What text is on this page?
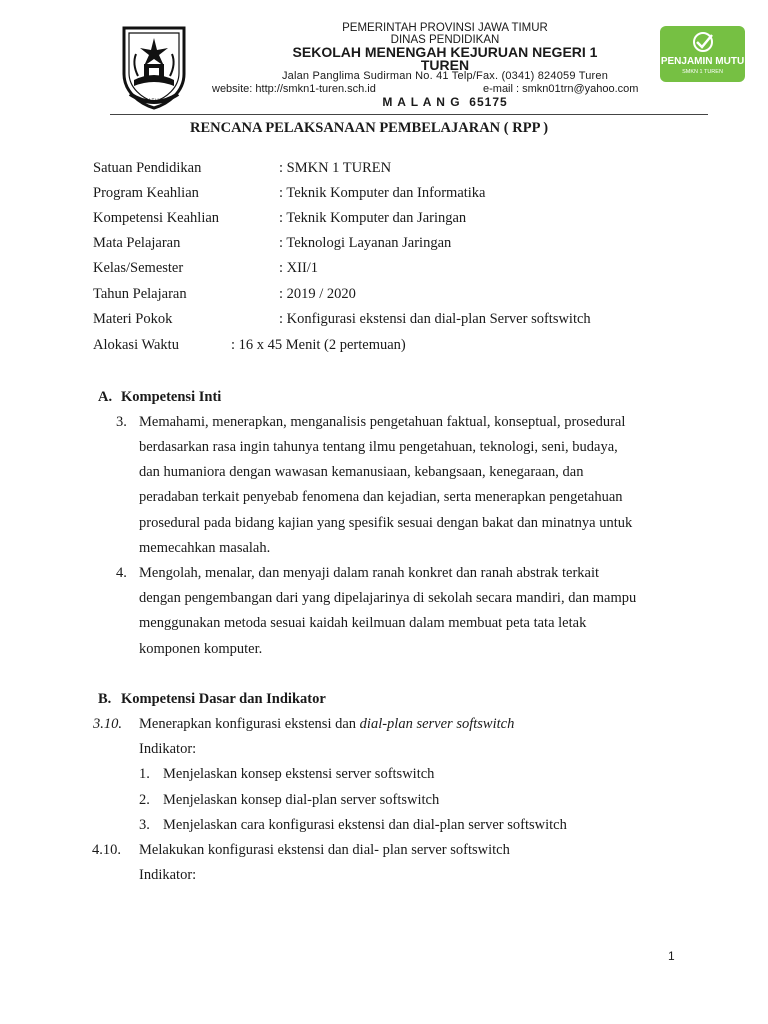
JATIM
PEMERINTAH PROVINSI JAWA TIMUR
DINAS PENDIDIKAN
SEKOLAH MENENGAH KEJURUAN NEGERI 1
TUREN
Jalan Panglima Sudirman No. 41 Telp/Fax. (0341) 824059 Turen
website: http://smkn1-turen.sch.id	e-mail : smkn01trn@yahoo.com
M A L A N G  65175
PENJAMIN MUTU
SMKN 1 TUREN
RENCANA PELAKSANAAN PEMBELAJARAN ( RPP )
Satuan Pendidikan	: SMKN 1 TUREN
Program Keahlian	: Teknik Komputer dan Informatika
Kompetensi Keahlian	: Teknik Komputer dan Jaringan
Mata Pelajaran	: Teknologi Layanan Jaringan
Kelas/Semester	: XII/1
Tahun Pelajaran	: 2019 / 2020
Materi Pokok	: Konfigurasi ekstensi dan dial-plan Server softswitch
Alokasi Waktu	: 16 x 45 Menit (2 pertemuan)
A. Kompetensi Inti
3. Memahami, menerapkan, menganalisis pengetahuan faktual, konseptual, prosedural
berdasarkan rasa ingin tahunya tentang ilmu pengetahuan, teknologi, seni, budaya,
dan humaniora dengan wawasan kemanusiaan, kebangsaan, kenegaraan, dan
peradaban terkait penyebab fenomena dan kejadian, serta menerapkan pengetahuan
prosedural pada bidang kajian yang spesifik sesuai dengan bakat dan minatnya untuk
memecahkan masalah.
4. Mengolah, menalar, dan menyaji dalam ranah konkret dan ranah abstrak terkait
dengan pengembangan dari yang dipelajarinya di sekolah secara mandiri, dan mampu
menggunakan metoda sesuai kaidah keilmuan dalam membuat peta tata letak
komponen komputer.
B. Kompetensi Dasar dan Indikator
3.10. Menerapkan konfigurasi ekstensi dan dial-plan server softswitch
Indikator:
1. Menjelaskan konsep ekstensi server softswitch
2. Menjelaskan konsep dial-plan server softswitch
3. Menjelaskan cara konfigurasi ekstensi dan dial-plan server softswitch
4.10. Melakukan konfigurasi ekstensi dan dial- plan server softswitch
Indikator:
1
